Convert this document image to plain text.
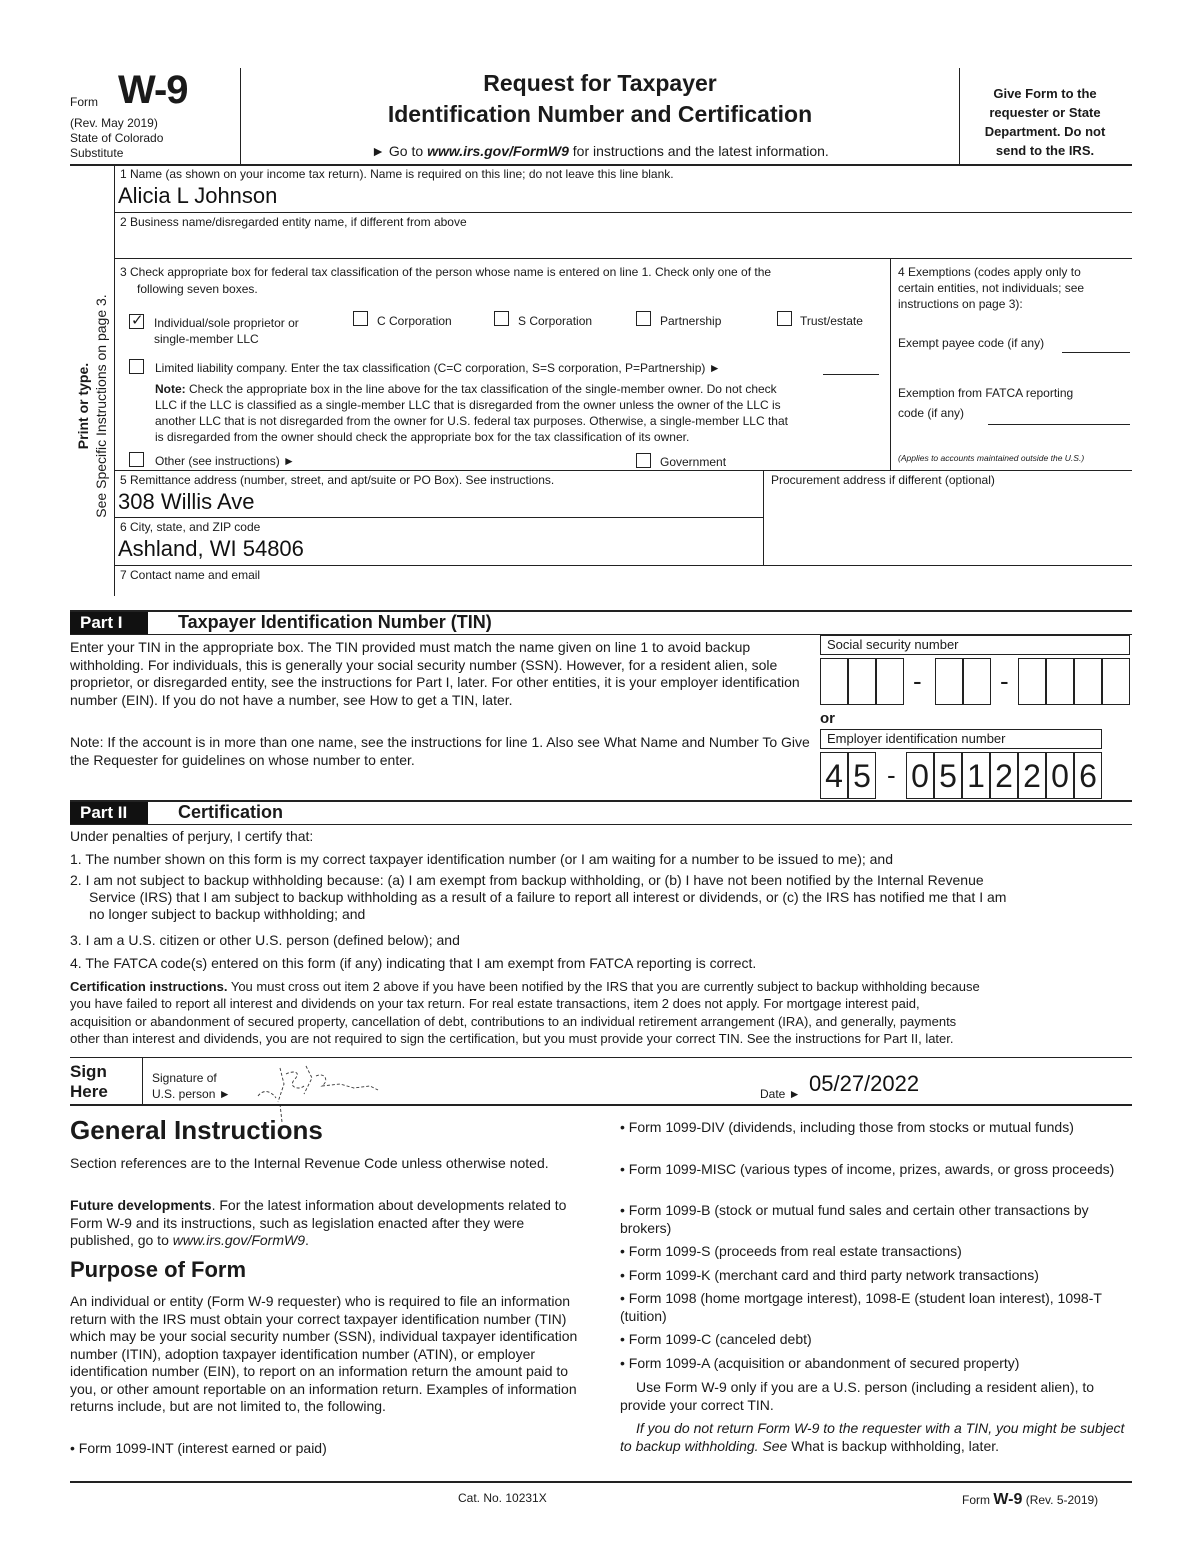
Form W-9
(Rev. May 2019)
State of Colorado
Substitute
Request for Taxpayer
Identification Number and Certification
► Go to www.irs.gov/FormW9 for instructions and the latest information.
Give Form to the
requester or State
Department. Do not
send to the IRS.
Print or type. See Specific Instructions on page 3.
1 Name (as shown on your income tax return). Name is required on this line; do not leave this line blank.
Alicia L Johnson
2 Business name/disregarded entity name, if different from above
3 Check appropriate box for federal tax classification of the person whose name is entered on line 1. Check only one of the
following seven boxes.
✓ Individual/sole proprietor or
single-member LLC
C Corporation	S Corporation	Partnership	Trust/estate
Limited liability company. Enter the tax classification (C=C corporation, S=S corporation, P=Partnership) ►
Note: Check the appropriate box in the line above for the tax classification of the single-member owner. Do not check
LLC if the LLC is classified as a single-member LLC that is disregarded from the owner unless the owner of the LLC is
another LLC that is not disregarded from the owner for U.S. federal tax purposes. Otherwise, a single-member LLC that
is disregarded from the owner should check the appropriate box for the tax classification of its owner.
Other (see instructions) ►	Government
4 Exemptions (codes apply only to
certain entities, not individuals; see
instructions on page 3):
Exempt payee code (if any)
Exemption from FATCA reporting
code (if any)
(Applies to accounts maintained outside the U.S.)
5 Remittance address (number, street, and apt/suite or PO Box). See instructions.
308 Willis Ave
Procurement address if different (optional)
6 City, state, and ZIP code
Ashland, WI 54806
7 Contact name and email
Part I	Taxpayer Identification Number (TIN)
Enter your TIN in the appropriate box. The TIN provided must match the name given on line 1 to avoid backup withholding. For individuals, this is generally your social security number (SSN). However, for a resident alien, sole proprietor, or disregarded entity, see the instructions for Part I, later. For other entities, it is your employer identification number (EIN). If you do not have a number, see How to get a TIN, later.
Note: If the account is in more than one name, see the instructions for line 1. Also see What Name and Number To Give the Requester for guidelines on whose number to enter.
Social security number
-	-
or
Employer identification number
4 5 - 0 5 1 2 2 0 6
Part II	Certification
Under penalties of perjury, I certify that:
1. The number shown on this form is my correct taxpayer identification number (or I am waiting for a number to be issued to me); and
2. I am not subject to backup withholding because: (a) I am exempt from backup withholding, or (b) I have not been notified by the Internal Revenue
Service (IRS) that I am subject to backup withholding as a result of a failure to report all interest or dividends, or (c) the IRS has notified me that I am
no longer subject to backup withholding; and
3. I am a U.S. citizen or other U.S. person (defined below); and
4. The FATCA code(s) entered on this form (if any) indicating that I am exempt from FATCA reporting is correct.
Certification instructions. You must cross out item 2 above if you have been notified by the IRS that you are currently subject to backup withholding because
you have failed to report all interest and dividends on your tax return. For real estate transactions, item 2 does not apply. For mortgage interest paid,
acquisition or abandonment of secured property, cancellation of debt, contributions to an individual retirement arrangement (IRA), and generally, payments
other than interest and dividends, you are not required to sign the certification, but you must provide your correct TIN. See the instructions for Part II, later.
Sign
Here
Signature of
U.S. person ►	Date ► 05/27/2022
General Instructions
Section references are to the Internal Revenue Code unless otherwise noted.
Future developments. For the latest information about developments related to Form W-9 and its instructions, such as legislation enacted after they were published, go to www.irs.gov/FormW9.
Purpose of Form
An individual or entity (Form W-9 requester) who is required to file an information return with the IRS must obtain your correct taxpayer identification number (TIN) which may be your social security number (SSN), individual taxpayer identification number (ITIN), adoption taxpayer identification number (ATIN), or employer identification number (EIN), to report on an information return the amount paid to you, or other amount reportable on an information return. Examples of information returns include, but are not limited to, the following.
• Form 1099-INT (interest earned or paid)
• Form 1099-DIV (dividends, including those from stocks or mutual funds)
• Form 1099-MISC (various types of income, prizes, awards, or gross proceeds)
• Form 1099-B (stock or mutual fund sales and certain other transactions by brokers)
• Form 1099-S (proceeds from real estate transactions)
• Form 1099-K (merchant card and third party network transactions)
• Form 1098 (home mortgage interest), 1098-E (student loan interest), 1098-T (tuition)
• Form 1099-C (canceled debt)
• Form 1099-A (acquisition or abandonment of secured property)
Use Form W-9 only if you are a U.S. person (including a resident alien), to provide your correct TIN.
If you do not return Form W-9 to the requester with a TIN, you might be subject to backup withholding. See What is backup withholding, later.
Cat. No. 10231X	Form W-9 (Rev. 5-2019)
